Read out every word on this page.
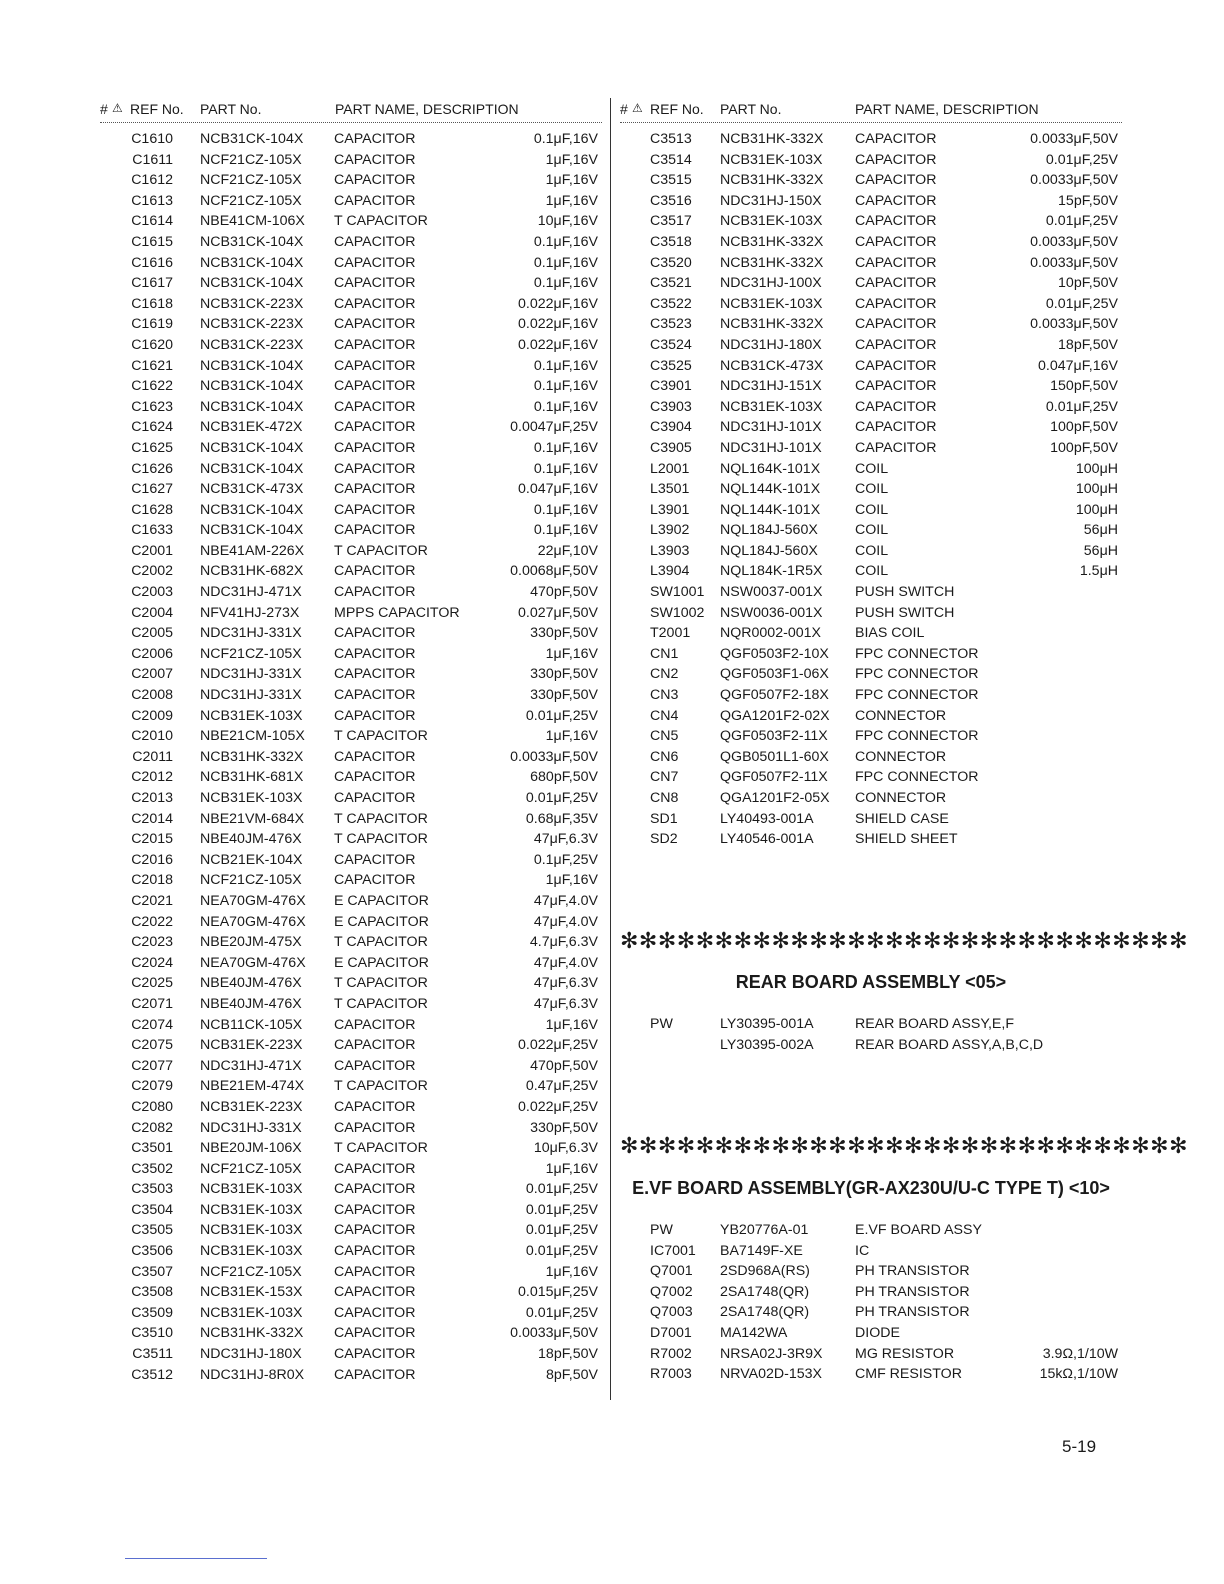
# ⚠ REF No. PART No.	PART NAME, DESCRIPTION
C1610 NCB31CK-104X CAPACITOR	0.1μF,16V
C1611 NCF21CZ-105X CAPACITOR	1μF,16V
C1612 NCF21CZ-105X CAPACITOR	1μF,16V
C1613 NCF21CZ-105X CAPACITOR	1μF,16V
C1614 NBE41CM-106X T CAPACITOR	10μF,16V
C1615 NCB31CK-104X CAPACITOR	0.1μF,16V
C1616 NCB31CK-104X CAPACITOR	0.1μF,16V
C1617 NCB31CK-104X CAPACITOR	0.1μF,16V
C1618 NCB31CK-223X CAPACITOR	0.022μF,16V
C1619 NCB31CK-223X CAPACITOR	0.022μF,16V
C1620 NCB31CK-223X CAPACITOR	0.022μF,16V
C1621 NCB31CK-104X CAPACITOR	0.1μF,16V
C1622 NCB31CK-104X CAPACITOR	0.1μF,16V
C1623 NCB31CK-104X CAPACITOR	0.1μF,16V
C1624 NCB31EK-472X CAPACITOR	0.0047μF,25V
C1625 NCB31CK-104X CAPACITOR	0.1μF,16V
C1626 NCB31CK-104X CAPACITOR	0.1μF,16V
C1627 NCB31CK-473X CAPACITOR	0.047μF,16V
C1628 NCB31CK-104X CAPACITOR	0.1μF,16V
C1633 NCB31CK-104X CAPACITOR	0.1μF,16V
C2001 NBE41AM-226X T CAPACITOR	22μF,10V
C2002 NCB31HK-682X CAPACITOR	0.0068μF,50V
C2003 NDC31HJ-471X CAPACITOR	470pF,50V
C2004 NFV41HJ-273X MPPS CAPACITOR	0.027μF,50V
C2005 NDC31HJ-331X CAPACITOR	330pF,50V
C2006 NCF21CZ-105X CAPACITOR	1μF,16V
C2007 NDC31HJ-331X CAPACITOR	330pF,50V
C2008 NDC31HJ-331X CAPACITOR	330pF,50V
C2009 NCB31EK-103X CAPACITOR	0.01μF,25V
C2010 NBE21CM-105X T CAPACITOR	1μF,16V
C2011 NCB31HK-332X CAPACITOR	0.0033μF,50V
C2012 NCB31HK-681X CAPACITOR	680pF,50V
C2013 NCB31EK-103X CAPACITOR	0.01μF,25V
C2014 NBE21VM-684X T CAPACITOR	0.68μF,35V
C2015 NBE40JM-476X T CAPACITOR	47μF,6.3V
C2016 NCB21EK-104X CAPACITOR	0.1μF,25V
C2018 NCF21CZ-105X CAPACITOR	1μF,16V
C2021 NEA70GM-476X E CAPACITOR	47μF,4.0V
C2022 NEA70GM-476X E CAPACITOR	47μF,4.0V
C2023 NBE20JM-475X T CAPACITOR	4.7μF,6.3V
C2024 NEA70GM-476X E CAPACITOR	47μF,4.0V
C2025 NBE40JM-476X T CAPACITOR	47μF,6.3V
C2071 NBE40JM-476X T CAPACITOR	47μF,6.3V
C2074 NCB11CK-105X CAPACITOR	1μF,16V
C2075 NCB31EK-223X CAPACITOR	0.022μF,25V
C2077 NDC31HJ-471X CAPACITOR	470pF,50V
C2079 NBE21EM-474X T CAPACITOR	0.47μF,25V
C2080 NCB31EK-223X CAPACITOR	0.022μF,25V
C2082 NDC31HJ-331X CAPACITOR	330pF,50V
C3501 NBE20JM-106X T CAPACITOR	10μF,6.3V
C3502 NCF21CZ-105X CAPACITOR	1μF,16V
C3503 NCB31EK-103X CAPACITOR	0.01μF,25V
C3504 NCB31EK-103X CAPACITOR	0.01μF,25V
C3505 NCB31EK-103X CAPACITOR	0.01μF,25V
C3506 NCB31EK-103X CAPACITOR	0.01μF,25V
C3507 NCF21CZ-105X CAPACITOR	1μF,16V
C3508 NCB31EK-153X CAPACITOR	0.015μF,25V
C3509 NCB31EK-103X CAPACITOR	0.01μF,25V
C3510 NCB31HK-332X CAPACITOR	0.0033μF,50V
C3511 NDC31HJ-180X CAPACITOR	18pF,50V
C3512 NDC31HJ-8R0X CAPACITOR	8pF,50V
# ⚠ REF No. PART No.	PART NAME, DESCRIPTION
C3513 NCB31HK-332X CAPACITOR	0.0033μF,50V
C3514 NCB31EK-103X CAPACITOR	0.01μF,25V
C3515 NCB31HK-332X CAPACITOR	0.0033μF,50V
C3516 NDC31HJ-150X CAPACITOR	15pF,50V
C3517 NCB31EK-103X CAPACITOR	0.01μF,25V
C3518 NCB31HK-332X CAPACITOR	0.0033μF,50V
C3520 NCB31HK-332X CAPACITOR	0.0033μF,50V
C3521 NDC31HJ-100X CAPACITOR	10pF,50V
C3522 NCB31EK-103X CAPACITOR	0.01μF,25V
C3523 NCB31HK-332X CAPACITOR	0.0033μF,50V
C3524 NDC31HJ-180X CAPACITOR	18pF,50V
C3525 NCB31CK-473X CAPACITOR	0.047μF,16V
C3901 NDC31HJ-151X CAPACITOR	150pF,50V
C3903 NCB31EK-103X CAPACITOR	0.01μF,25V
C3904 NDC31HJ-101X CAPACITOR	100pF,50V
C3905 NDC31HJ-101X CAPACITOR	100pF,50V
L2001 NQL164K-101X COIL	100μH
L3501 NQL144K-101X COIL	100μH
L3901 NQL144K-101X COIL	100μH
L3902 NQL184J-560X	COIL	56μH
L3903 NQL184J-560X	COIL	56μH
L3904 NQL184K-1R5X COIL	1.5μH
SW1001 NSW0037-001X PUSH SWITCH
SW1002 NSW0036-001X PUSH SWITCH
T2001 NQR0002-001X BIAS COIL
CN1	QGF0503F2-10X FPC CONNECTOR
CN2	QGF0503F1-06X FPC CONNECTOR
CN3	QGF0507F2-18X FPC CONNECTOR
CN4	QGA1201F2-02X CONNECTOR
CN5	QGF0503F2-11X FPC CONNECTOR
CN6	QGB0501L1-60X CONNECTOR
CN7	QGF0507F2-11X FPC CONNECTOR
CN8	QGA1201F2-05X CONNECTOR
SD1	LY40493-001A	SHIELD CASE
SD2	LY40546-001A	SHIELD SHEET
✻✻✻✻✻✻✻✻✻✻✻✻✻✻✻✻✻✻✻✻✻✻✻✻✻✻✻✻✻✻
REAR BOARD ASSEMBLY <05>
PW	LY30395-001A	REAR BOARD ASSY,E,F
LY30395-002A	REAR BOARD ASSY,A,B,C,D
✻✻✻✻✻✻✻✻✻✻✻✻✻✻✻✻✻✻✻✻✻✻✻✻✻✻✻✻✻✻
E.VF BOARD ASSEMBLY(GR-AX230U/U-C TYPE T) <10>
PW	YB20776A-01	E.VF BOARD ASSY
IC7001 BA7149F-XE	IC
Q7001 2SD968A(RS)	PH TRANSISTOR
Q7002 2SA1748(QR)	PH TRANSISTOR
Q7003 2SA1748(QR)	PH TRANSISTOR
D7001 MA142WA	DIODE
R7002 NRSA02J-3R9X MG RESISTOR	3.9Ω,1/10W
R7003 NRVA02D-153X CMF RESISTOR	15kΩ,1/10W
5-19
